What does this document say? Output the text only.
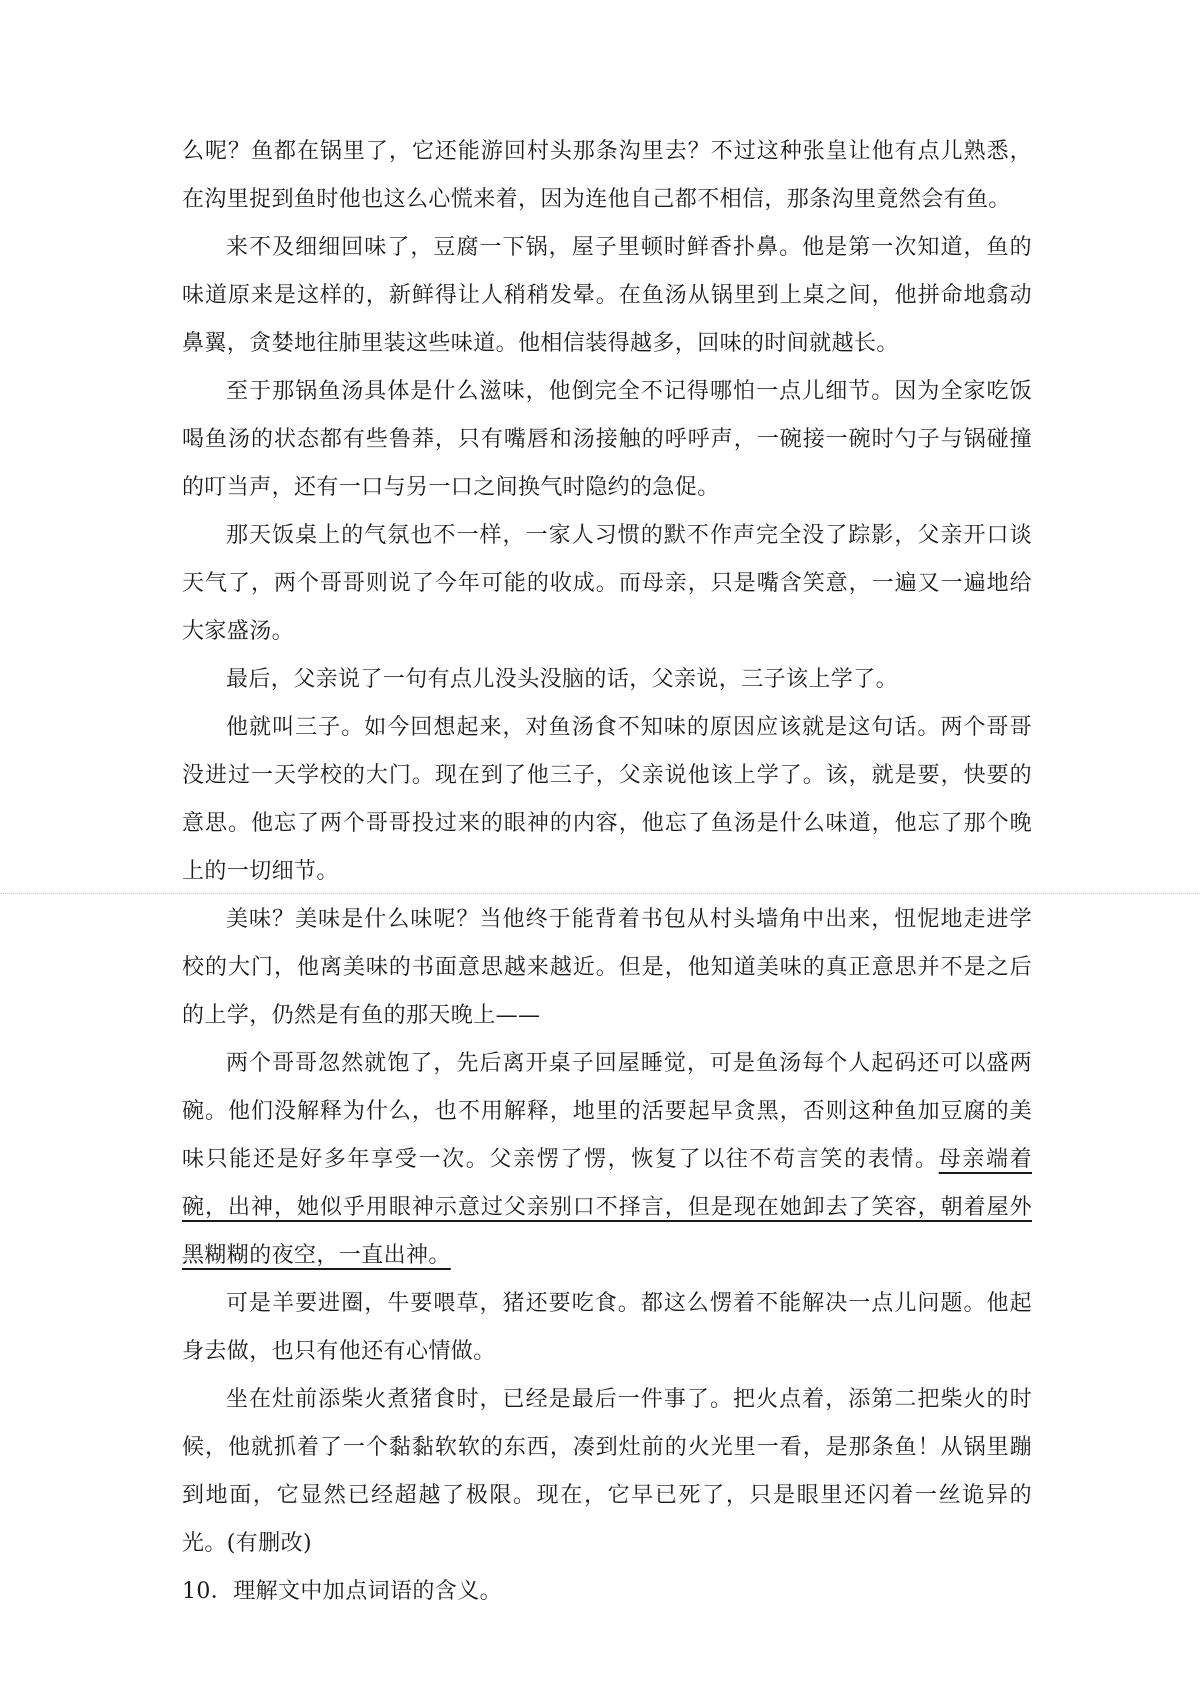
么呢？鱼都在锅里了，它还能游回村头那条沟里去？不过这种张皇让他有点儿熟悉，在沟里捉到鱼时他也这么心慌来着，因为连他自己都不相信，那条沟里竟然会有鱼。

来不及细细回味了，豆腐一下锅，屋子里顿时鲜香扑鼻。他是第一次知道，鱼的味道原来是这样的，新鲜得让人稍稍发晕。在鱼汤从锅里到上桌之间，他拼命地翕动鼻翼，贪婪地往肺里装这些味道。他相信装得越多，回味的时间就越长。

至于那锅鱼汤具体是什么滋味，他倒完全不记得哪怕一点儿细节。因为全家吃饭喝鱼汤的状态都有些鲁莽，只有嘴唇和汤接触的呼呼声，一碗接一碗时勺子与锅碰撞的叮当声，还有一口与另一口之间换气时隐约的急促。

那天饭桌上的气氛也不一样，一家人习惯的默不作声完全没了踪影，父亲开口谈天气了，两个哥哥则说了今年可能的收成。而母亲，只是嘴含笑意，一遍又一遍地给大家盛汤。

最后，父亲说了一句有点儿没头没脑的话，父亲说，三子该上学了。

他就叫三子。如今回想起来，对鱼汤食不知味的原因应该就是这句话。两个哥哥没进过一天学校的大门。现在到了他三子，父亲说他该上学了。该，就是要，快要的意思。他忘了两个哥哥投过来的眼神的内容，他忘了鱼汤是什么味道，他忘了那个晚上的一切细节。

美味？美味是什么味呢？当他终于能背着书包从村头墙角中出来，忸怩地走进学校的大门，他离美味的书面意思越来越近。但是，他知道美味的真正意思并不是之后的上学，仍然是有鱼的那天晚上——

两个哥哥忽然就饱了，先后离开桌子回屋睡觉，可是鱼汤每个人起码还可以盛两碗。他们没解释为什么，也不用解释，地里的活要起早贪黑，否则这种鱼加豆腐的美味只能还是好多年享受一次。父亲愣了愣，恢复了以往不苟言笑的表情。母亲端着碗，出神，她似乎用眼神示意过父亲别口不择言，但是现在她卸去了笑容，朝着屋外黑糊糊的夜空，一直出神。

可是羊要进圈，牛要喂草，猪还要吃食。都这么愣着不能解决一点儿问题。他起身去做，也只有他还有心情做。

坐在灶前添柴火煮猪食时，已经是最后一件事了。把火点着，添第二把柴火的时候，他就抓着了一个黏黏软软的东西，凑到灶前的火光里一看，是那条鱼！从锅里蹦到地面，它显然已经超越了极限。现在，它早已死了，只是眼里还闪着一丝诡异的光。(有删改)

10．理解文中加点词语的含义。
